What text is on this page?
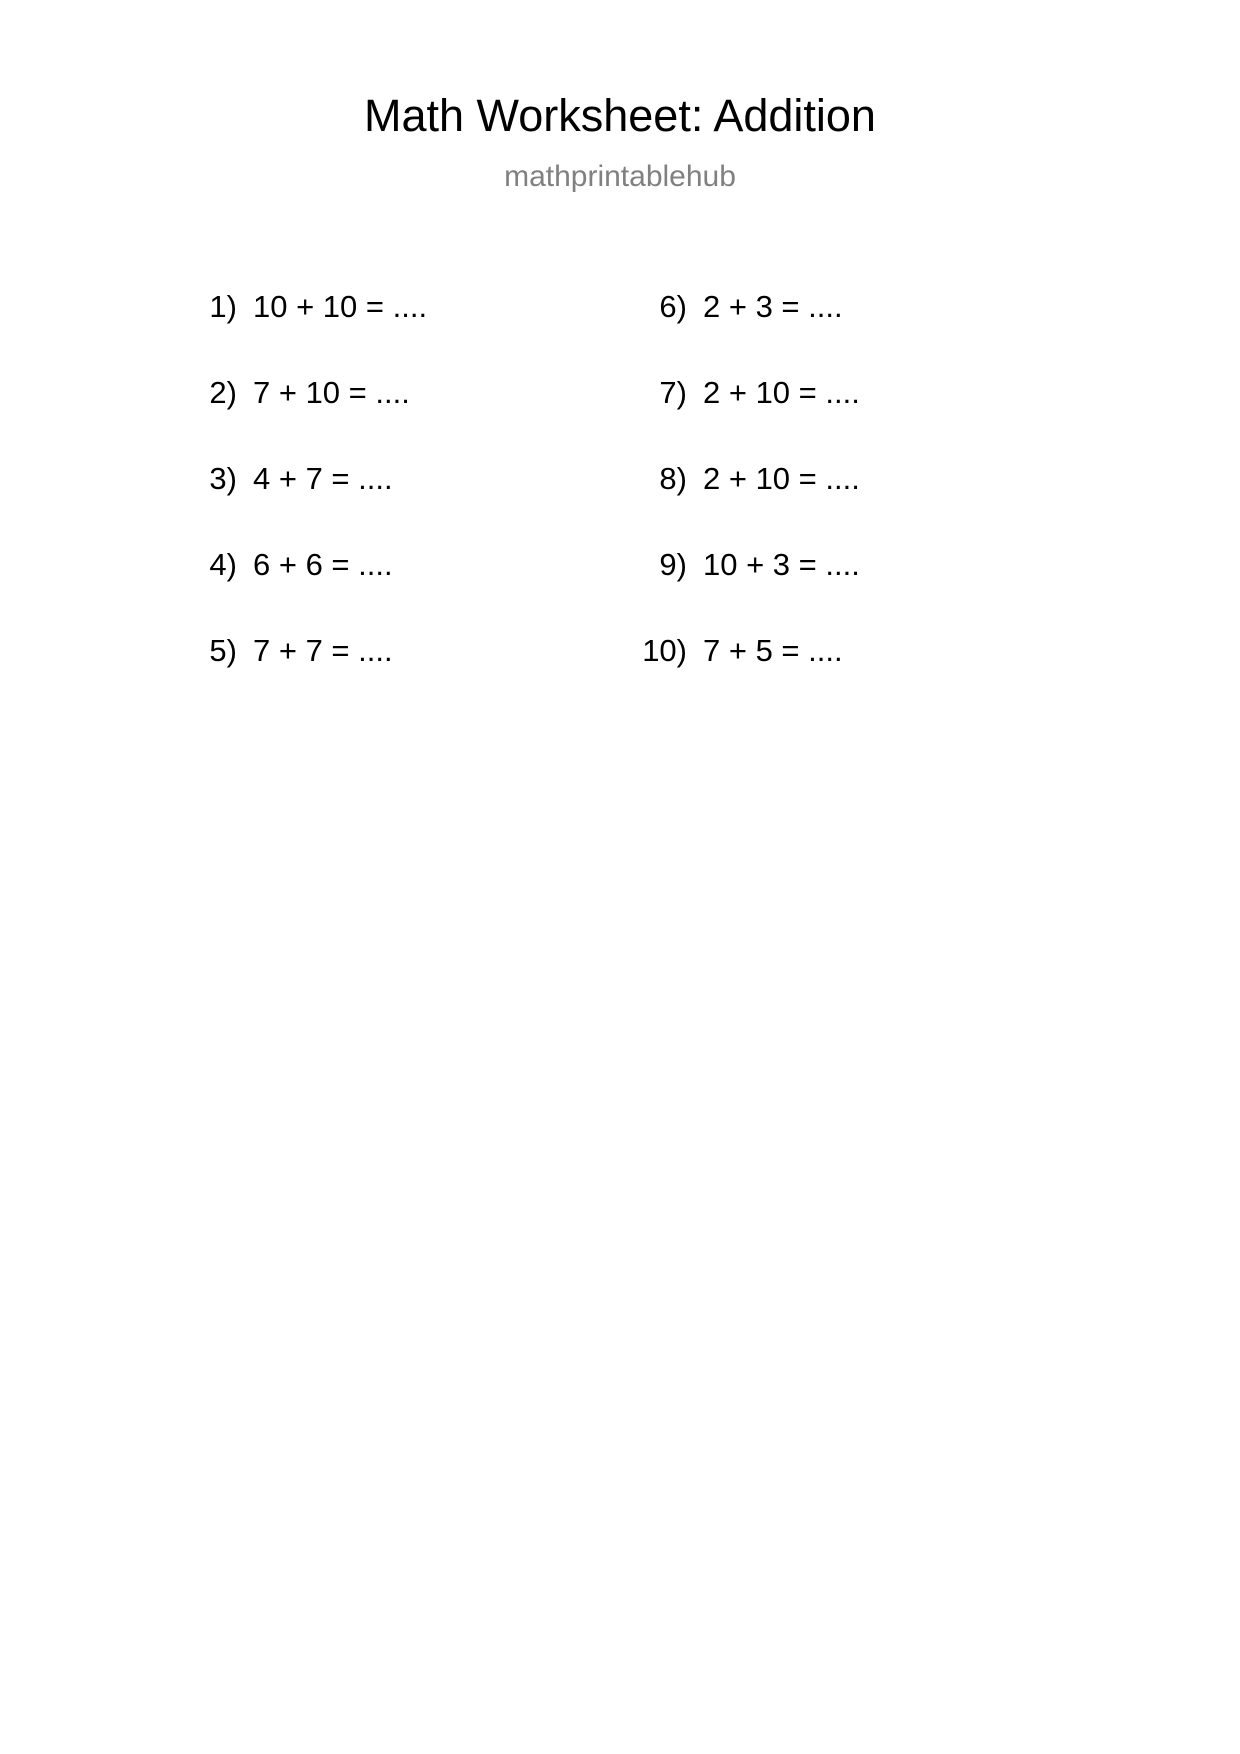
Math Worksheet: Addition
mathprintablehub
1) 10 + 10 = ....
2) 7 + 10 = ....
3) 4 + 7 = ....
4) 6 + 6 = ....
5) 7 + 7 = ....
6) 2 + 3 = ....
7) 2 + 10 = ....
8) 2 + 10 = ....
9) 10 + 3 = ....
10) 7 + 5 = ....
